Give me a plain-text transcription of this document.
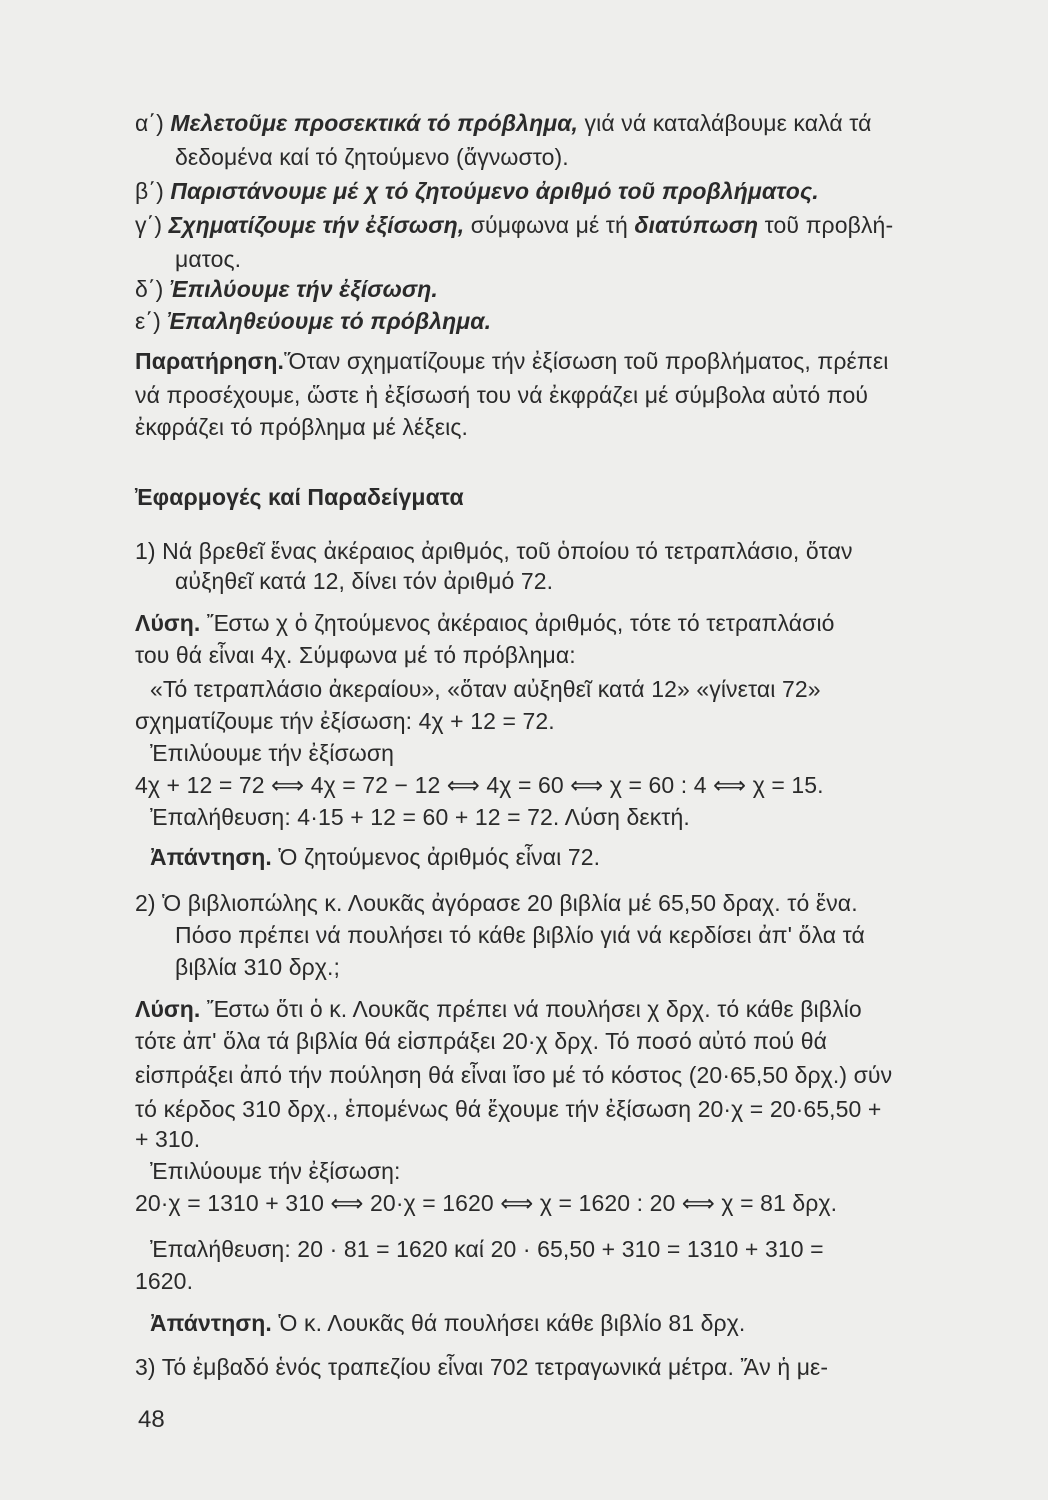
α΄) Μελετοῦμε προσεκτικά τό πρόβλημα, γιά νά καταλάβουμε καλά τά
δεδομένα καί τό ζητούμενο (ἄγνωστο).
β΄) Παριστάνουμε μέ χ τό ζητούμενο ἀριθμό τοῦ προβλήματος.
γ΄) Σχηματίζουμε τήν ἐξίσωση, σύμφωνα μέ τή διατύπωση τοῦ προβλή-
ματος.
δ΄) Ἐπιλύουμε τήν ἐξίσωση.
ε΄) Ἐπαληθεύουμε τό πρόβλημα.
Παρατήρηση.Ὅταν σχηματίζουμε τήν ἐξίσωση τοῦ προβλήματος, πρέπει
νά προσέχουμε, ὥστε ἡ ἐξίσωσή του νά ἐκφράζει μέ σύμβολα αὐτό πού
ἐκφράζει τό πρόβλημα μέ λέξεις.
Ἐφαρμογές καί Παραδείγματα
1) Νά βρεθεῖ ἕνας ἀκέραιος ἀριθμός, τοῦ ὁποίου τό τετραπλάσιο, ὅταν
αὐξηθεῖ κατά 12, δίνει τόν ἀριθμό 72.
Λύση. Ἔστω χ ὁ ζητούμενος ἀκέραιος ἀριθμός, τότε τό τετραπλάσιό
του θά εἶναι 4χ. Σύμφωνα μέ τό πρόβλημα:
«Τό τετραπλάσιο ἀκεραίου», «ὅταν αὐξηθεῖ κατά 12» «γίνεται 72»
σχηματίζουμε τήν ἐξίσωση: 4χ + 12 = 72.
Ἐπιλύουμε τήν ἐξίσωση
4χ + 12 = 72 ⟺ 4χ = 72 − 12 ⟺ 4χ = 60 ⟺ χ = 60 : 4 ⟺ χ = 15.
Ἐπαλήθευση: 4·15 + 12 = 60 + 12 = 72. Λύση δεκτή.
Ἀπάντηση. Ὁ ζητούμενος ἀριθμός εἶναι 72.
2) Ὁ βιβλιοπώλης κ. Λουκᾶς ἀγόρασε 20 βιβλία μέ 65,50 δραχ. τό ἕνα.
Πόσο πρέπει νά πουλήσει τό κάθε βιβλίο γιά νά κερδίσει ἀπ' ὅλα τά
βιβλία 310 δρχ.;
Λύση. Ἔστω ὅτι ὁ κ. Λουκᾶς πρέπει νά πουλήσει χ δρχ. τό κάθε βιβλίο
τότε ἀπ' ὅλα τά βιβλία θά εἰσπράξει 20·χ δρχ. Τό ποσό αὐτό πού θά
εἰσπράξει ἀπό τήν πούληση θά εἶναι ἴσο μέ τό κόστος (20·65,50 δρχ.) σύν
τό κέρδος 310 δρχ., ἑπομένως θά ἔχουμε τήν ἐξίσωση 20·χ = 20·65,50 +
+ 310.
Ἐπιλύουμε τήν ἐξίσωση:
20·χ = 1310 + 310 ⟺ 20·χ = 1620 ⟺ χ = 1620 : 20 ⟺ χ = 81 δρχ.
Ἐπαλήθευση: 20 · 81 = 1620 καί 20 · 65,50 + 310 = 1310 + 310 =
1620.
Ἀπάντηση. Ὁ κ. Λουκᾶς θά πουλήσει κάθε βιβλίο 81 δρχ.
3) Τό ἐμβαδό ἑνός τραπεζίου εἶναι 702 τετραγωνικά μέτρα. Ἄν ἡ με-
48
